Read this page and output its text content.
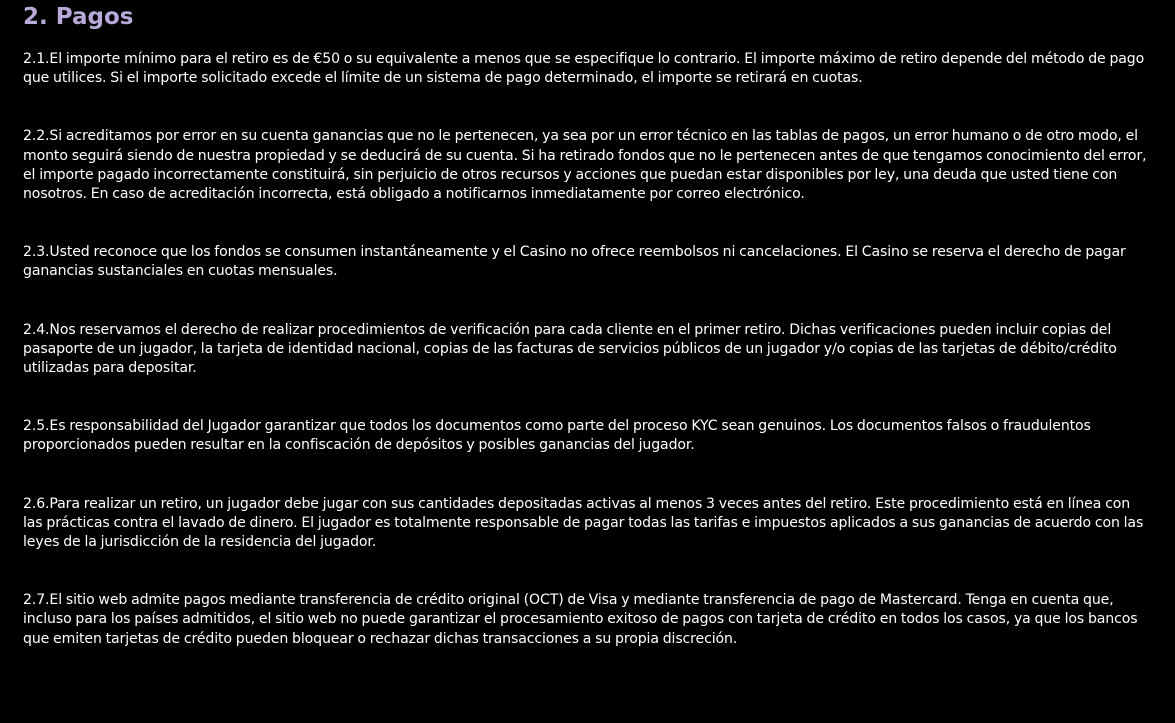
2. Pagos

2.1.El importe mínimo para el retiro es de €50 o su equivalente a menos que se especifique lo contrario. El importe máximo de retiro depende del método de pago que utilices. Si el importe solicitado excede el límite de un sistema de pago determinado, el importe se retirará en cuotas.

2.2.Si acreditamos por error en su cuenta ganancias que no le pertenecen, ya sea por un error técnico en las tablas de pagos, un error humano o de otro modo, el monto seguirá siendo de nuestra propiedad y se deducirá de su cuenta. Si ha retirado fondos que no le pertenecen antes de que tengamos conocimiento del error, el importe pagado incorrectamente constituirá, sin perjuicio de otros recursos y acciones que puedan estar disponibles por ley, una deuda que usted tiene con nosotros. En caso de acreditación incorrecta, está obligado a notificarnos inmediatamente por correo electrónico.

2.3.Usted reconoce que los fondos se consumen instantáneamente y el Casino no ofrece reembolsos ni cancelaciones. El Casino se reserva el derecho de pagar ganancias sustanciales en cuotas mensuales.

2.4.Nos reservamos el derecho de realizar procedimientos de verificación para cada cliente en el primer retiro. Dichas verificaciones pueden incluir copias del pasaporte de un jugador, la tarjeta de identidad nacional, copias de las facturas de servicios públicos de un jugador y/o copias de las tarjetas de débito/crédito utilizadas para depositar.

2.5.Es responsabilidad del Jugador garantizar que todos los documentos como parte del proceso KYC sean genuinos. Los documentos falsos o fraudulentos proporcionados pueden resultar en la confiscación de depósitos y posibles ganancias del jugador.

2.6.Para realizar un retiro, un jugador debe jugar con sus cantidades depositadas activas al menos 3 veces antes del retiro. Este procedimiento está en línea con las prácticas contra el lavado de dinero. El jugador es totalmente responsable de pagar todas las tarifas e impuestos aplicados a sus ganancias de acuerdo con las leyes de la jurisdicción de la residencia del jugador.

2.7.El sitio web admite pagos mediante transferencia de crédito original (OCT) de Visa y mediante transferencia de pago de Mastercard. Tenga en cuenta que, incluso para los países admitidos, el sitio web no puede garantizar el procesamiento exitoso de pagos con tarjeta de crédito en todos los casos, ya que los bancos que emiten tarjetas de crédito pueden bloquear o rechazar dichas transacciones a su propia discreción.
